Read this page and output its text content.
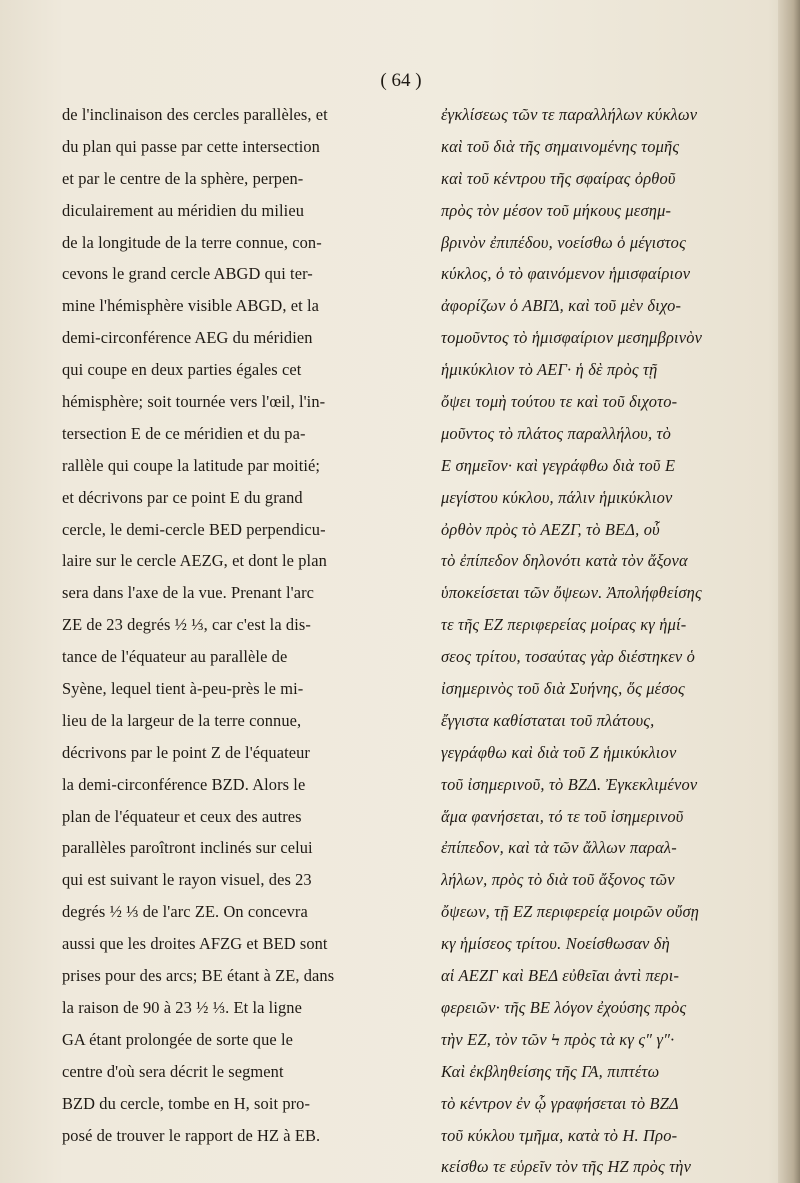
( 64 )
de l'inclinaison des cercles parallèles, et
du plan qui passe par cette intersection
et par le centre de la sphère, perpen-
diculairement au méridien du milieu
de la longitude de la terre connue, con-
cevons le grand cercle ABGD qui ter-
mine l'hémisphère visible ABGD, et la
demi-circonférence AEG du méridien
qui coupe en deux parties égales cet
hémisphère; soit tournée vers l'œil, l'in-
tersection E de ce méridien et du pa-
rallèle qui coupe la latitude par moitié;
et décrivons par ce point E du grand
cercle, le demi-cercle BED perpendicu-
laire sur le cercle AEZG, et dont le plan
sera dans l'axe de la vue. Prenant l'arc
ZE de 23 degrés ½ ⅓, car c'est la dis-
tance de l'équateur au parallèle de
Syène, lequel tient à-peu-près le mi-
lieu de la largeur de la terre connue,
décrivons par le point Z de l'équateur
la demi-circonférence BZD. Alors le
plan de l'équateur et ceux des autres
parallèles paroîtront inclinés sur celui
qui est suivant le rayon visuel, des 23
degrés ½ ⅓ de l'arc ZE. On concevra
aussi que les droites AFZG et BED sont
prises pour des arcs; BE étant à ZE, dans
la raison de 90 à 23 ½ ⅓. Et la ligne
GA étant prolongée de sorte que le
centre d'où sera décrit le segment
BZD du cercle, tombe en H, soit pro-
posé de trouver le rapport de HZ à EB.
ἐγκλίσεως τῶν τε παραλλήλων κύκλων
καὶ τοῦ διὰ τῆς σημαινομένης τομῆς
καὶ τοῦ κέντρου τῆς σφαίρας ὀρθοῦ
πρὸς τὸν μέσον τοῦ μήκους μεσημ-
βρινὸν ἐπιπέδου, νοείσθω ὁ μέγιστος
κύκλος, ὁ τὸ φαινόμενον ἡμισφαίριον
ἀφορίζων ὁ ΑΒΓΔ, καὶ τοῦ μὲν διχο-
τομοῦντος τὸ ἡμισφαίριον μεσημβρινὸν
ἡμικύκλιον τὸ ΑΕΓ· ἡ δὲ πρὸς τῇ
ὄψει τομὴ τούτου τε καὶ τοῦ διχοτο-
μοῦντος τὸ πλάτος παραλλήλου, τὸ
Ε σημεῖον· καὶ γεγράφθω διὰ τοῦ Ε
μεγίστου κύκλου, πάλιν ἡμικύκλιον
ὀρθὸν πρὸς τὸ ΑΕΖΓ, τὸ ΒΕΔ, οὗ
τὸ ἐπίπεδον δηλονότι κατὰ τὸν ἄξονα
ὑποκείσεται τῶν ὄψεων. Ἀπολήφθείσης
τε τῆς ΕΖ περιφερείας μοίρας κγ ἡμί-
σεος τρίτου, τοσαύτας γὰρ διέστηκεν ὁ
ἰσημερινὸς τοῦ διὰ Συήνης, ὅς μέσος
ἔγγιστα καθίσταται τοῦ πλάτους,
γεγράφθω καὶ διὰ τοῦ Ζ ἡμικύκλιον
τοῦ ἰσημερινοῦ, τὸ ΒΖΔ. Ἐγκεκλιμένον
ἅμα φανήσεται, τό τε τοῦ ἰσημερινοῦ
ἐπίπεδον, καὶ τὰ τῶν ἄλλων παραλ-
λήλων, πρὸς τὸ διὰ τοῦ ἄξονος τῶν
ὄψεων, τῇ ΕΖ περιφερείᾳ μοιρῶν οὔσῃ
κγ ἡμίσεος τρίτου. Νοείσθωσαν δὴ
αἱ ΑΕΖΓ καὶ ΒΕΔ εὐθεῖαι ἀντὶ περι-
φερειῶν· τῆς ΒΕ λόγον ἐχούσης πρὸς
τὴν ΕΖ, τὸν τῶν Ϟ πρὸς τὰ κγ ς″ γ″·
Καὶ ἐκβληθείσης τῆς ΓΑ, πιπτέτω
τὸ κέντρον ἐν ᾧ γραφήσεται τὸ ΒΖΔ
τοῦ κύκλου τμῆμα, κατὰ τὸ Η. Προ-
κείσθω τε εὑρεῖν τὸν τῆς ΗΖ πρὸς τὴν
